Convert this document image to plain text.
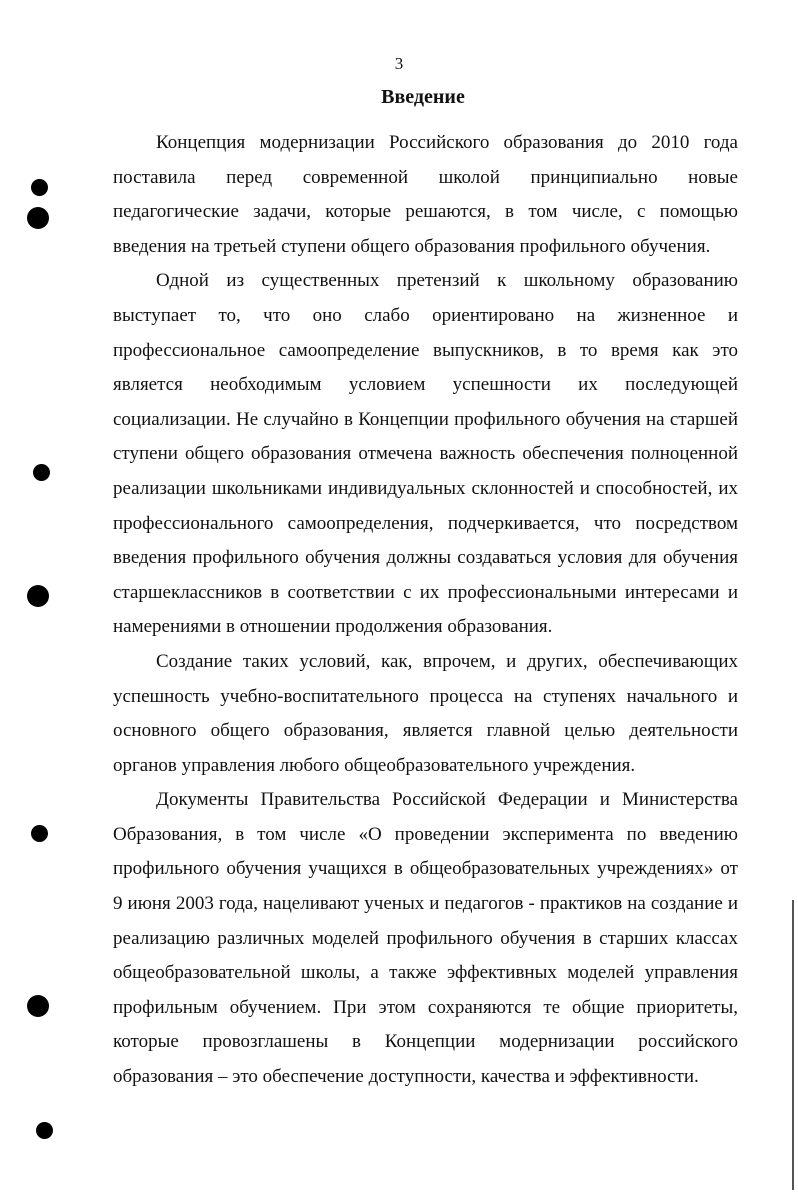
3
Введение

Концепция модернизации Российского образования до 2010 года поставила перед современной школой принципиально новые педагогические задачи, которые решаются, в том числе, с помощью введения на третьей ступени общего образования профильного обучения.

Одной из существенных претензий к школьному образованию выступает то, что оно слабо ориентировано на жизненное и профессиональное самоопределение выпускников, в то время как это является необходимым условием успешности их последующей социализации. Не случайно в Концепции профильного обучения на старшей ступени общего образования отмечена важность обеспечения полноценной реализации школьниками индивидуальных склонностей и способностей, их профессионального самоопределения, подчеркивается, что посредством введения профильного обучения должны создаваться условия для обучения старшеклассников в соответствии с их профессиональными интересами и намерениями в отношении продолжения образования.

Создание таких условий, как, впрочем, и других, обеспечивающих успешность учебно-воспитательного процесса на ступенях начального и основного общего образования, является главной целью деятельности органов управления любого общеобразовательного учреждения.

Документы Правительства Российской Федерации и Министерства Образования, в том числе «О проведении эксперимента по введению профильного обучения учащихся в общеобразовательных учреждениях» от 9 июня 2003 года, нацеливают ученых и педагогов - практиков на создание и реализацию различных моделей профильного обучения в старших классах общеобразовательной школы, а также эффективных моделей управления профильным обучением. При этом сохраняются те общие приоритеты, которые провозглашены в Концепции модернизации российского образования – это обеспечение доступности, качества и эффективности.
